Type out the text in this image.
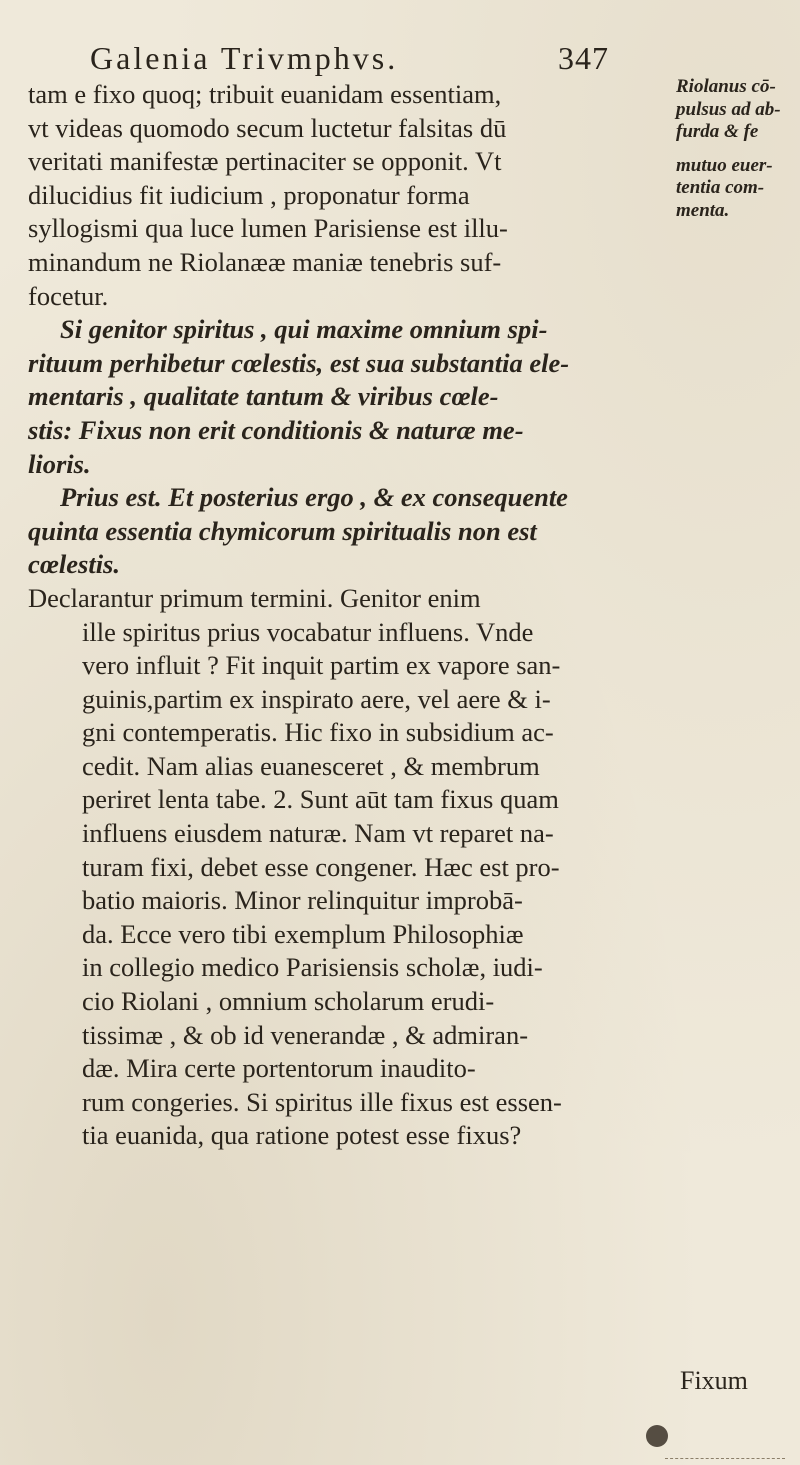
Galenia Trivmphvs.	347
Riolanus cō-
pulsus ad ab-
furda & fe
mutuo euer-
tentia com-
menta.
tam e fixo quoq; tribuit euanidam essentiam,
vt videas quomodo secum luctetur falsitas dū
veritati manifestæ pertinaciter se opponit. Vt
dilucidius fit iudicium , proponatur forma
syllogismi qua luce lumen Parisiense est illu-
minandum ne Riolanææ maniæ tenebris suf-
focetur.
Si genitor spiritus , qui maxime omnium spi-
rituum perhibetur cœlestis, est sua substantia ele-
mentaris , qualitate tantum & viribus cœle-
stis: Fixus non erit conditionis & naturæ me-
lioris.
Prius est. Et posterius ergo , & ex consequente
quinta essentia chymicorum spiritualis non est
cœlestis.
Declarantur primum termini. Genitor enim
ille spiritus prius vocabatur influens. Vnde
vero influit ? Fit inquit partim ex vapore san-
guinis,partim ex inspirato aere, vel aere & i-
gni contemperatis. Hic fixo in subsidium ac-
cedit. Nam alias euanesceret , & membrum
periret lenta tabe. 2. Sunt aūt tam fixus quam
influens eiusdem naturæ. Nam vt reparet na-
turam fixi, debet esse congener. Hæc est pro-
batio maioris. Minor relinquitur improbā-
da. Ecce vero tibi exemplum Philosophiæ
in collegio medico Parisiensis scholæ, iudi-
cio Riolani , omnium scholarum erudi-
tissimæ , & ob id venerandæ , & admiran-
dæ. Mira certe portentorum inaudito-
rum congeries. Si spiritus ille fixus est essen-
tia euanida, qua ratione potest esse fixus?
Fixum
